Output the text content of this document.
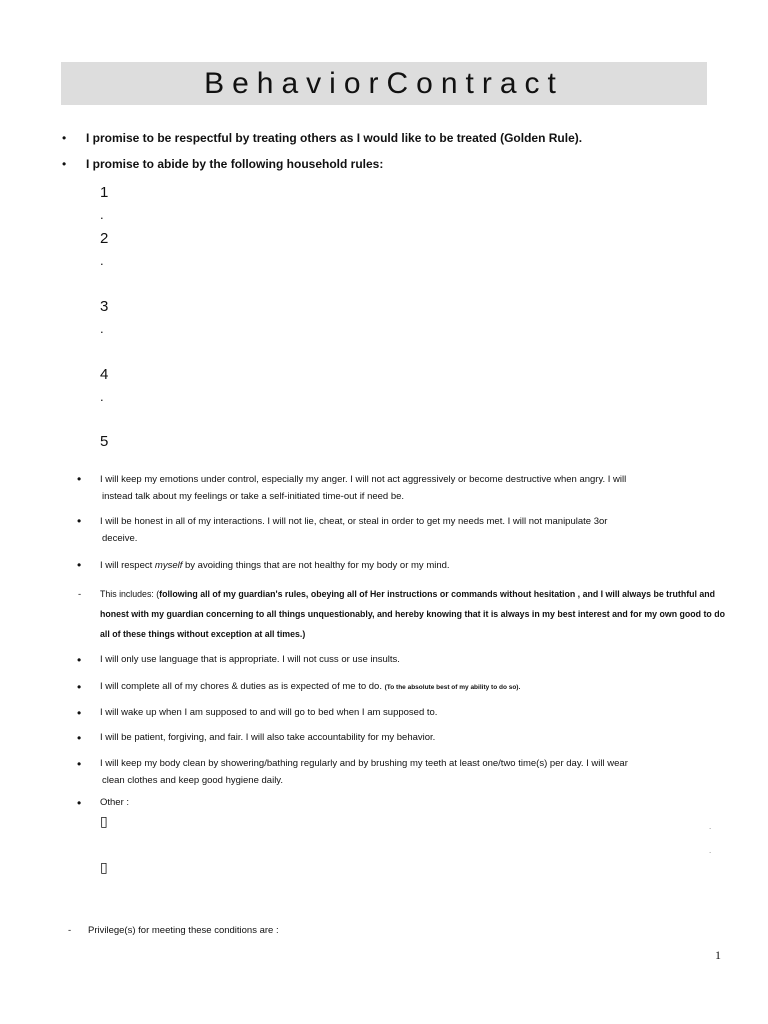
BehaviorContract
• I promise to be respectful by treating others as I would like to be treated (Golden Rule).
• I promise to abide by the following household rules:
1
.
2
.
3
.
4
.
5
• I will keep my emotions under control, especially my anger. I will not act aggressively or become destructive when angry. I will
instead talk about my feelings or take a self-initiated time-out if need be.
• I will be honest in all of my interactions. I will not lie, cheat, or steal in order to get my needs met. I will not manipulate 3or
deceive.
• I will respect myself by avoiding things that are not healthy for my body or my mind.
- This includes: (following all of my guardian's rules, obeying all of Her instructions or commands without hesitation , and I will always be truthful and
honest with my guardian concerning to all things unquestionably, and hereby knowing that it is always in my best interest and for my own good to do
all of these things without exception at all times.)
• I will only use language that is appropriate. I will not cuss or use insults.
• I will complete all of my chores & duties as is expected of me to do. (To the absolute best of my ability to do so).
• I will wake up when I am supposed to and will go to bed when I am supposed to.
• I will be patient, forgiving, and fair. I will also take accountability for my behavior.
• I will keep my body clean by showering/bathing regularly and by brushing my teeth at least one/two time(s) per day. I will wear
clean clothes and keep good hygiene daily.
• Other :
▯
▯
.
.
- Privilege(s) for meeting these conditions are :
1
